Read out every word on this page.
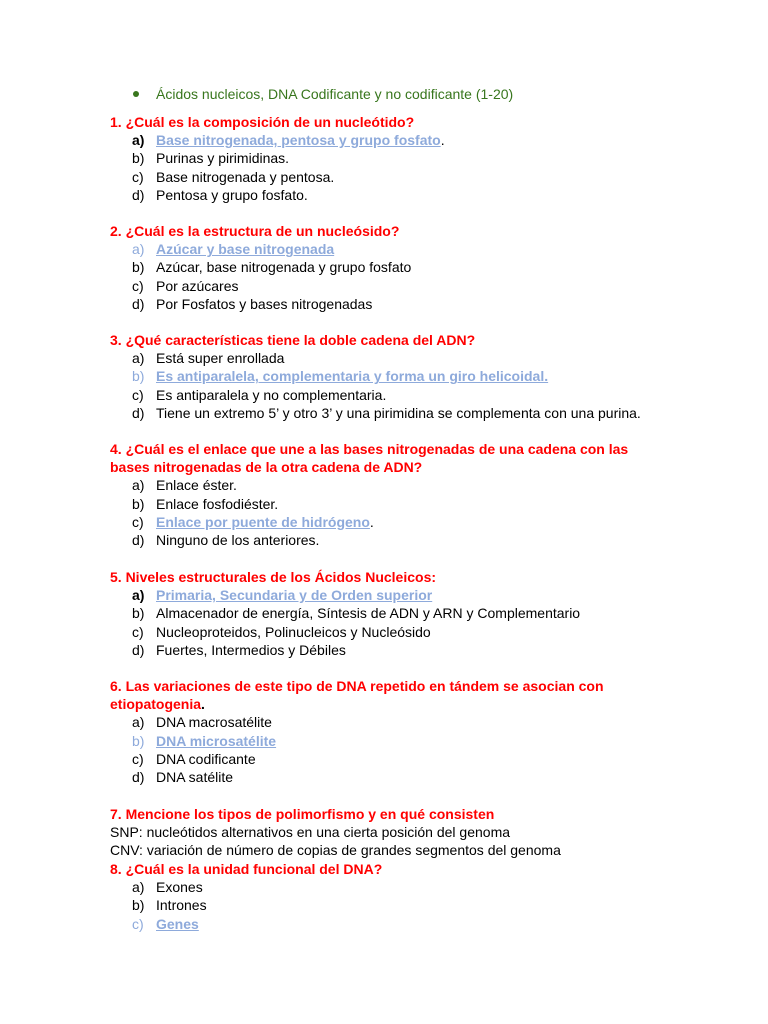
Ácidos nucleicos, DNA Codificante y no codificante (1-20)
1. ¿Cuál es la composición de un nucleótido?
a) Base nitrogenada, pentosa y grupo fosfato.
b) Purinas y pirimidinas.
c) Base nitrogenada y pentosa.
d) Pentosa y grupo fosfato.
2. ¿Cuál es la estructura de un nucleósido?
a) Azúcar y base nitrogenada
b) Azúcar, base nitrogenada y grupo fosfato
c) Por azúcares
d) Por Fosfatos y bases nitrogenadas
3. ¿Qué características tiene la doble cadena del ADN?
a) Está super enrollada
b) Es antiparalela, complementaria y forma un giro helicoidal.
c) Es antiparalela y no complementaria.
d) Tiene un extremo 5’ y otro 3’ y una pirimidina se complementa con una purina.
4. ¿Cuál es el enlace que une a las bases nitrogenadas de una cadena con las
bases nitrogenadas de la otra cadena de ADN?
a) Enlace éster.
b) Enlace fosfodiéster.
c) Enlace por puente de hidrógeno.
d) Ninguno de los anteriores.
5. Niveles estructurales de los Ácidos Nucleicos:
a) Primaria, Secundaria y de Orden superior
b) Almacenador de energía, Síntesis de ADN y ARN y Complementario
c) Nucleoproteidos, Polinucleicos y Nucleósido
d) Fuertes, Intermedios y Débiles
6. Las variaciones de este tipo de DNA repetido en tándem se asocian con
etiopatogenia.
a) DNA macrosatélite
b) DNA microsatélite
c) DNA codificante
d) DNA satélite
7. Mencione los tipos de polimorfismo y en qué consisten
SNP: nucleótidos alternativos en una cierta posición del genoma
CNV: variación de número de copias de grandes segmentos del genoma
8. ¿Cuál es la unidad funcional del DNA?
a) Exones
b) Intrones
c) Genes
